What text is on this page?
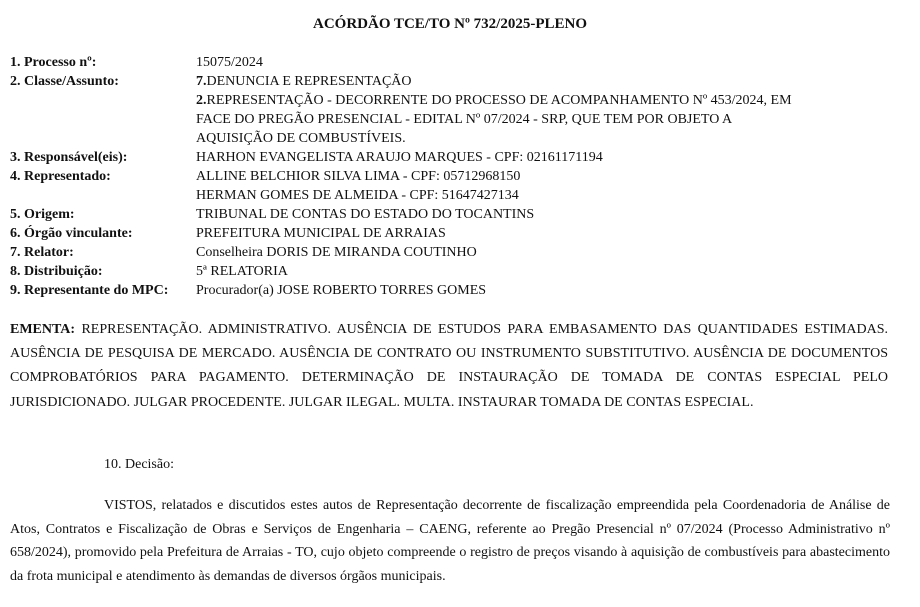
ACÓRDÃO TCE/TO Nº 732/2025-PLENO
1. Processo nº:	15075/2024
2. Classe/Assunto:	7.DENUNCIA E REPRESENTAÇÃO
2.REPRESENTAÇÃO - DECORRENTE DO PROCESSO DE ACOMPANHAMENTO Nº 453/2024, EM
FACE DO PREGÃO PRESENCIAL - EDITAL Nº 07/2024 - SRP, QUE TEM POR OBJETO A
AQUISIÇÃO DE COMBUSTÍVEIS.
3. Responsável(eis):	HARHON EVANGELISTA ARAUJO MARQUES - CPF: 02161171194
4. Representado:	ALLINE BELCHIOR SILVA LIMA - CPF: 05712968150
HERMAN GOMES DE ALMEIDA - CPF: 51647427134
5. Origem:	TRIBUNAL DE CONTAS DO ESTADO DO TOCANTINS
6. Órgão vinculante:	PREFEITURA MUNICIPAL DE ARRAIAS
7. Relator:	Conselheira DORIS DE MIRANDA COUTINHO
8. Distribuição:	5ª RELATORIA
9. Representante do MPC:	Procurador(a) JOSE ROBERTO TORRES GOMES
EMENTA: REPRESENTAÇÃO. ADMINISTRATIVO. AUSÊNCIA DE ESTUDOS PARA EMBASAMENTO DAS QUANTIDADES ESTIMADAS. AUSÊNCIA DE PESQUISA DE MERCADO. AUSÊNCIA DE CONTRATO OU INSTRUMENTO SUBSTITUTIVO. AUSÊNCIA DE DOCUMENTOS COMPROBATÓRIOS PARA PAGAMENTO. DETERMINAÇÃO DE INSTAURAÇÃO DE TOMADA DE CONTAS ESPECIAL PELO JURISDICIONADO. JULGAR PROCEDENTE. JULGAR ILEGAL. MULTA. INSTAURAR TOMADA DE CONTAS ESPECIAL.
10. Decisão:
VISTOS, relatados e discutidos estes autos de Representação decorrente de fiscalização empreendida pela Coordenadoria de Análise de Atos, Contratos e Fiscalização de Obras e Serviços de Engenharia – CAENG, referente ao Pregão Presencial nº 07/2024 (Processo Administrativo nº 658/2024), promovido pela Prefeitura de Arraias - TO, cujo objeto compreende o registro de preços visando à aquisição de combustíveis para abastecimento da frota municipal e atendimento às demandas de diversos órgãos municipais.
